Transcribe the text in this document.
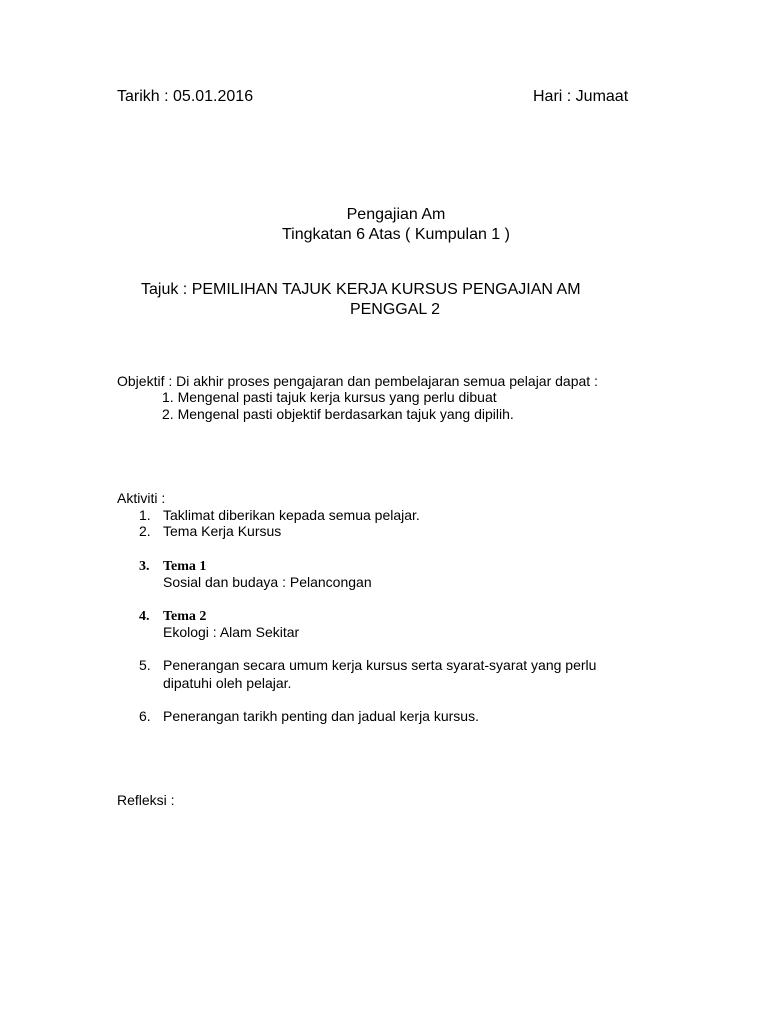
Tarikh : 05.01.2016	Hari : Jumaat
Pengajian Am
Tingkatan 6 Atas ( Kumpulan 1 )
Tajuk : PEMILIHAN TAJUK KERJA KURSUS PENGAJIAN AM
PENGGAL 2
Objektif : Di akhir proses pengajaran dan pembelajaran semua pelajar dapat :
1. Mengenal pasti tajuk kerja kursus yang perlu dibuat
2. Mengenal pasti objektif berdasarkan tajuk yang dipilih.
Aktiviti :
1. Taklimat diberikan kepada semua pelajar.
2. Tema Kerja Kursus
3. Tema 1
Sosial dan budaya : Pelancongan
4. Tema 2
Ekologi : Alam Sekitar
5. Penerangan secara umum kerja kursus serta syarat-syarat yang perlu
dipatuhi oleh pelajar.
6. Penerangan tarikh penting dan jadual kerja kursus.
Refleksi :
